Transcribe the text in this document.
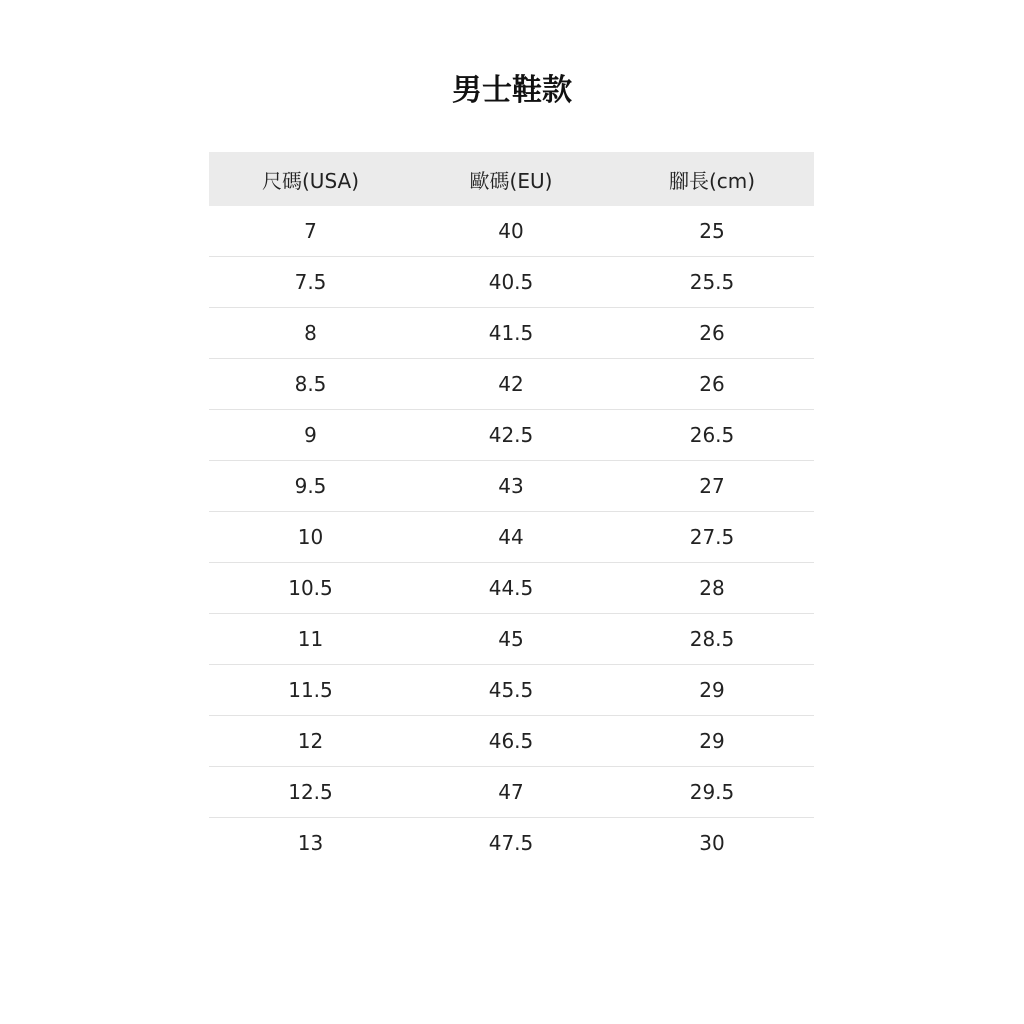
男士鞋款
尺碼(USA)	歐碼(EU)	腳長(cm)
7	40	25
7.5	40.5	25.5
8	41.5	26
8.5	42	26
9	42.5	26.5
9.5	43	27
10	44	27.5
10.5	44.5	28
11	45	28.5
11.5	45.5	29
12	46.5	29
12.5	47	29.5
13	47.5	30
